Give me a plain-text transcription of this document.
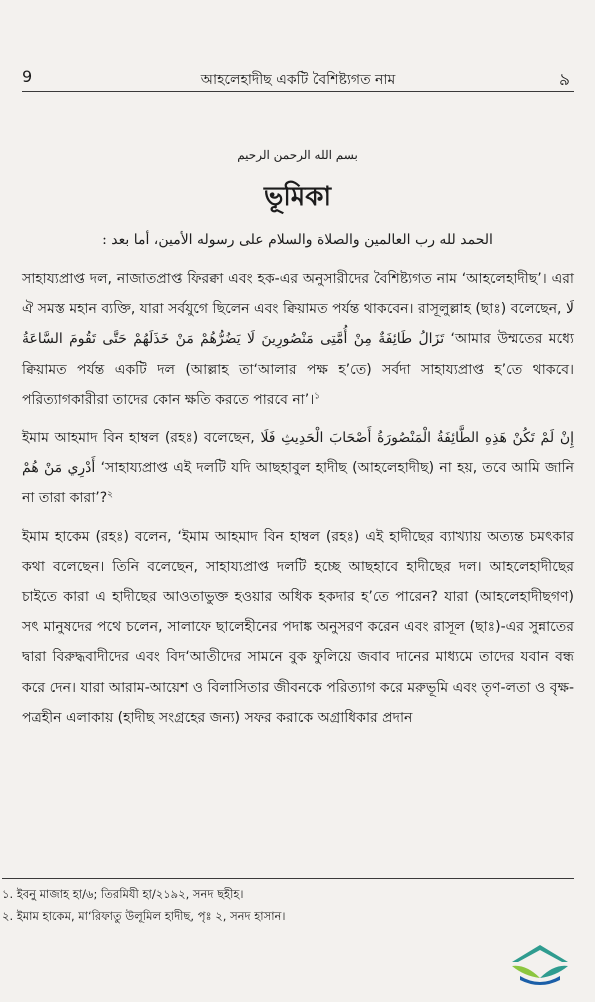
9	আহলেহাদীছ একটি বৈশিষ্ট্যগত নাম	৯
بسم الله الرحمن الرحيم
ভূমিকা
الحمد لله رب العالمين والصلاة والسلام على رسوله الأمين، أما بعد :

সাহায্যপ্রাপ্ত দল, নাজাতপ্রাপ্ত ফিরক্বা এবং হক-এর অনুসারীদের বৈশিষ্ট্যগত নাম ‘আহলেহাদীছ’। এরা ঐ সমস্ত মহান ব্যক্তি, যারা সর্বযুগে ছিলেন এবং ক্বিয়ামত পর্যন্ত থাকবেন। রাসূলুল্লাহ (ছাঃ) বলেছেন, لَا تَزَالُ طَائِفَةٌ مِنْ أُمَّتِى مَنْصُورِينَ لَا يَضُرُّهُمْ مَنْ خَذَلَهُمْ حَتَّى تَقُومَ السَّاعَةُ ‘আমার উম্মতের মধ্যে ক্বিয়ামত পর্যন্ত একটি দল (আল্লাহ তা‘আলার পক্ষ হ’তে) সর্বদা সাহায্যপ্রাপ্ত হ’তে থাকবে। পরিত্যাগকারীরা তাদের কোন ক্ষতি করতে পারবে না’।$^১$

ইমাম আহমাদ বিন হাম্বল (রহঃ) বলেছেন, إِنْ لَمْ تَكُنْ هَذِهِ الطَّائِفَةُ الْمَنْصُورَةُ أَصْحَابَ الْحَدِيثِ فَلَا أَدْرِي مَنْ هُمْ ‘সাহায্যপ্রাপ্ত এই দলটি যদি আছহাবুল হাদীছ (আহলেহাদীছ) না হয়, তবে আমি জানি না তারা কারা’?$^২$

ইমাম হাকেম (রহঃ) বলেন, ‘ইমাম আহমাদ বিন হাম্বল (রহঃ) এই হাদীছের ব্যাখ্যায় অত্যন্ত চমৎকার কথা বলেছেন। তিনি বলেছেন, সাহায্যপ্রাপ্ত দলটি হচ্ছে আছহাবে হাদীছের দল। আহলেহাদীছের চাইতে কারা এ হাদীছের আওতাভুক্ত হওয়ার অধিক হকদার হ’তে পারেন? যারা (আহলেহাদীছগণ) সৎ মানুষদের পথে চলেন, সালাফে ছালেহীনের পদাঙ্ক অনুসরণ করেন এবং রাসূল (ছাঃ)-এর সুন্নাতের দ্বারা বিরুদ্ধবাদীদের এবং বিদ‘আতীদের সামনে বুক ফুলিয়ে জবাব দানের মাধ্যমে তাদের যবান বন্ধ করে দেন। যারা আরাম-আয়েশ ও বিলাসিতার জীবনকে পরিত্যাগ করে মরুভূমি এবং তৃণ-লতা ও বৃক্ষ-পত্রহীন এলাকায় (হাদীছ সংগ্রহের জন্য) সফর করাকে অগ্রাধিকার প্রদান

১. ইবনু মাজাহ হা/৬; তিরমিযী হা/২১৯২, সনদ ছহীহ।

২. ইমাম হাকেম, মা‘রিফাতু উলূমিল হাদীছ, পৃঃ ২, সনদ হাসান।
